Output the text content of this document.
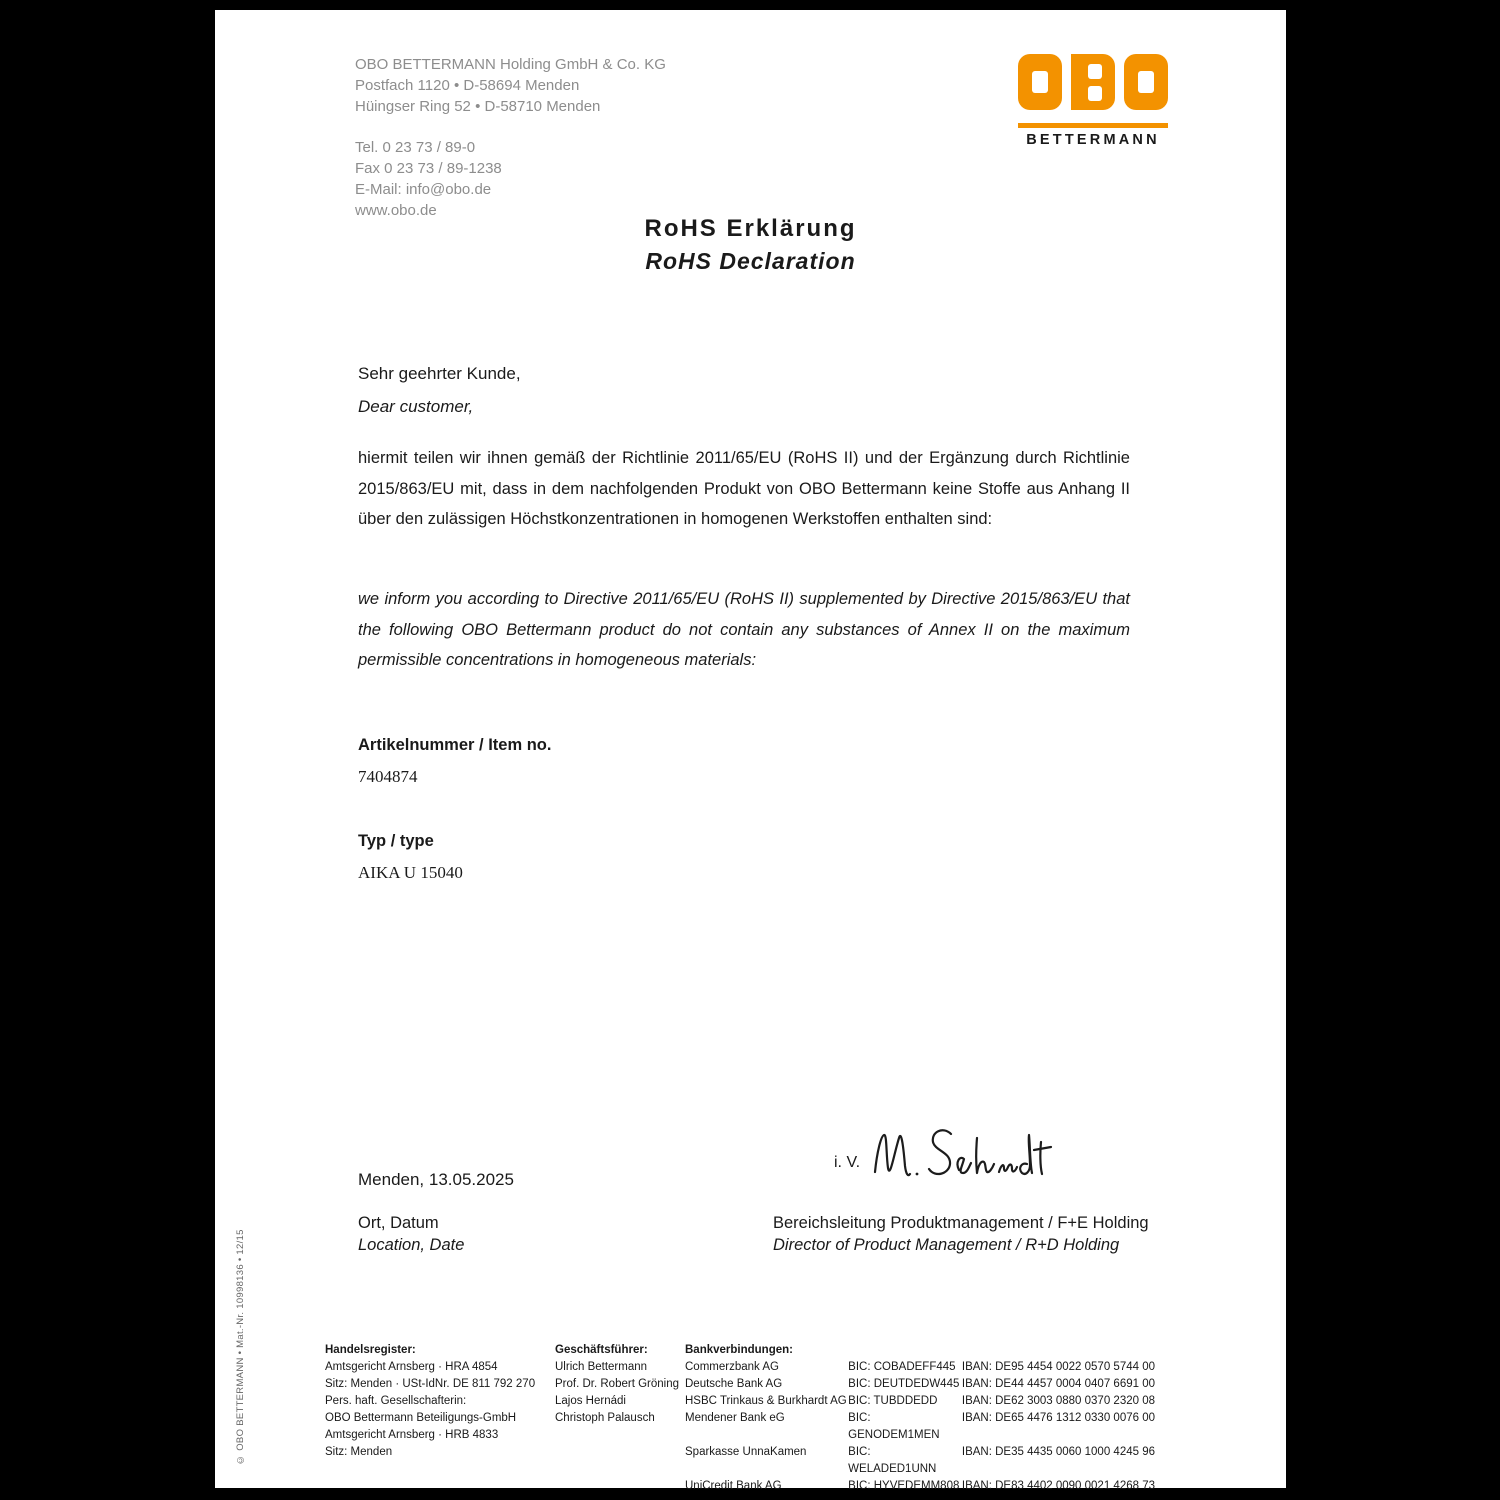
OBO BETTERMANN Holding GmbH & Co. KG
Postfach 1120 • D-58694 Menden
Hüingser Ring 52 • D-58710 Menden
Tel. 0 23 73 / 89-0
Fax 0 23 73 / 89-1238
E-Mail: info@obo.de
www.obo.de
BETTERMANN
RoHS Erklärung
RoHS Declaration
Sehr geehrter Kunde,
Dear customer,
hiermit teilen wir ihnen gemäß der Richtlinie 2011/65/EU (RoHS II) und der Ergänzung durch Richtlinie 2015/863/EU mit, dass in dem nachfolgenden Produkt von OBO Bettermann keine Stoffe aus Anhang II über den zulässigen Höchstkonzentrationen in homogenen Werkstoffen enthalten sind:
we inform you according to Directive 2011/65/EU (RoHS II) supplemented by Directive 2015/863/EU that the following OBO Bettermann product do not contain any substances of Annex II on the maximum permissible concentrations in homogeneous materials:
Artikelnummer / Item no.
7404874
Typ / type
AIKA U 15040
i. V.
Menden, 13.05.2025
Ort, Datum
Location, Date
Bereichsleitung Produktmanagement / F+E Holding
Director of Product Management / R+D Holding
© OBO BETTERMANN • Mat.-Nr. 10998136 • 12/15	Handelsregister:
Amtsgericht Arnsberg · HRA 4854
Sitz: Menden · USt-IdNr. DE 811 792 270
Pers. haft. Gesellschafterin:
OBO Bettermann Beteiligungs-GmbH
Amtsgericht Arnsberg · HRB 4833
Sitz: Menden
Geschäftsführer:
Ulrich Bettermann
Prof. Dr. Robert Gröning
Lajos Hernádi
Christoph Palausch
Bankverbindungen:
Commerzbank AG	BIC: COBADEFF445 IBAN: DE95 4454 0022 0570 5744 00
Deutsche Bank AG	BIC: DEUTDEDW445 IBAN: DE44 4457 0004 0407 6691 00
HSBC Trinkaus & Burkhardt AG BIC: TUBDDEDD	IBAN: DE62 3003 0880 0370 2320 08
Mendener Bank eG	BIC: GENODEM1MEN
IBAN: DE65 4476 1312 0330 0076 00
Sparkasse UnnaKamen	BIC: WELADED1UNN
IBAN: DE35 4435 0060 1000 4245 96
UniCredit Bank AG	BIC: HYVEDEMM808 IBAN: DE83 4402 0090 0021 4268 73
